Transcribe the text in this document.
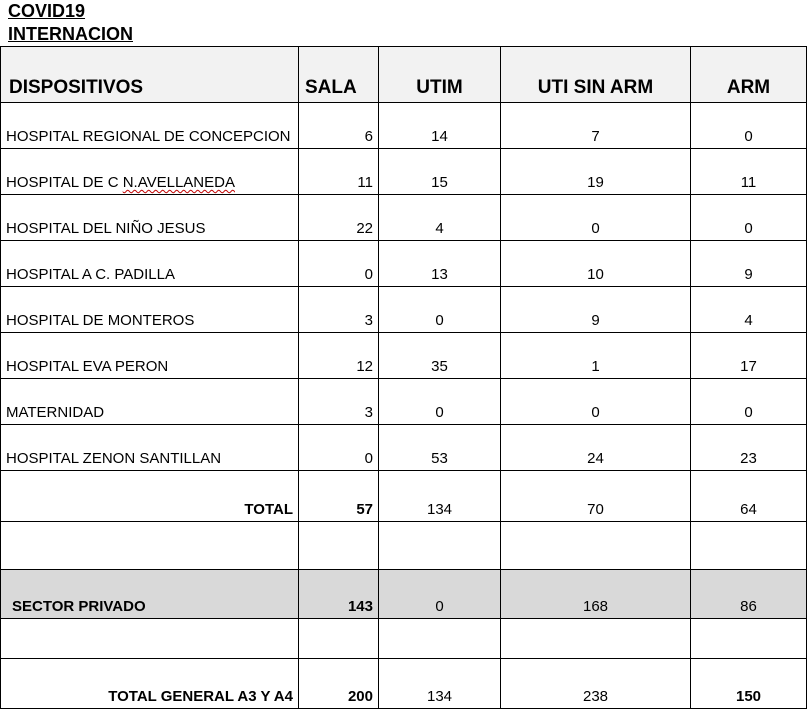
COVID19
INTERNACION
DISPOSITIVOS	SALA	UTIM	UTI SIN ARM	ARM
HOSPITAL REGIONAL DE CONCEPCION	6	14	7	0
HOSPITAL DE C N.AVELLANEDA	11	15	19	11
HOSPITAL DEL NIÑO JESUS	22	4	0	0
HOSPITAL A C. PADILLA	0	13	10	9
HOSPITAL DE MONTEROS	3	0	9	4
HOSPITAL EVA PERON	12	35	1	17
MATERNIDAD	3	0	0	0
HOSPITAL ZENON SANTILLAN	0	53	24	23
TOTAL	57	134	70	64

SECTOR PRIVADO	143	0	168	86

TOTAL GENERAL A3 Y A4	200	134	238	150
